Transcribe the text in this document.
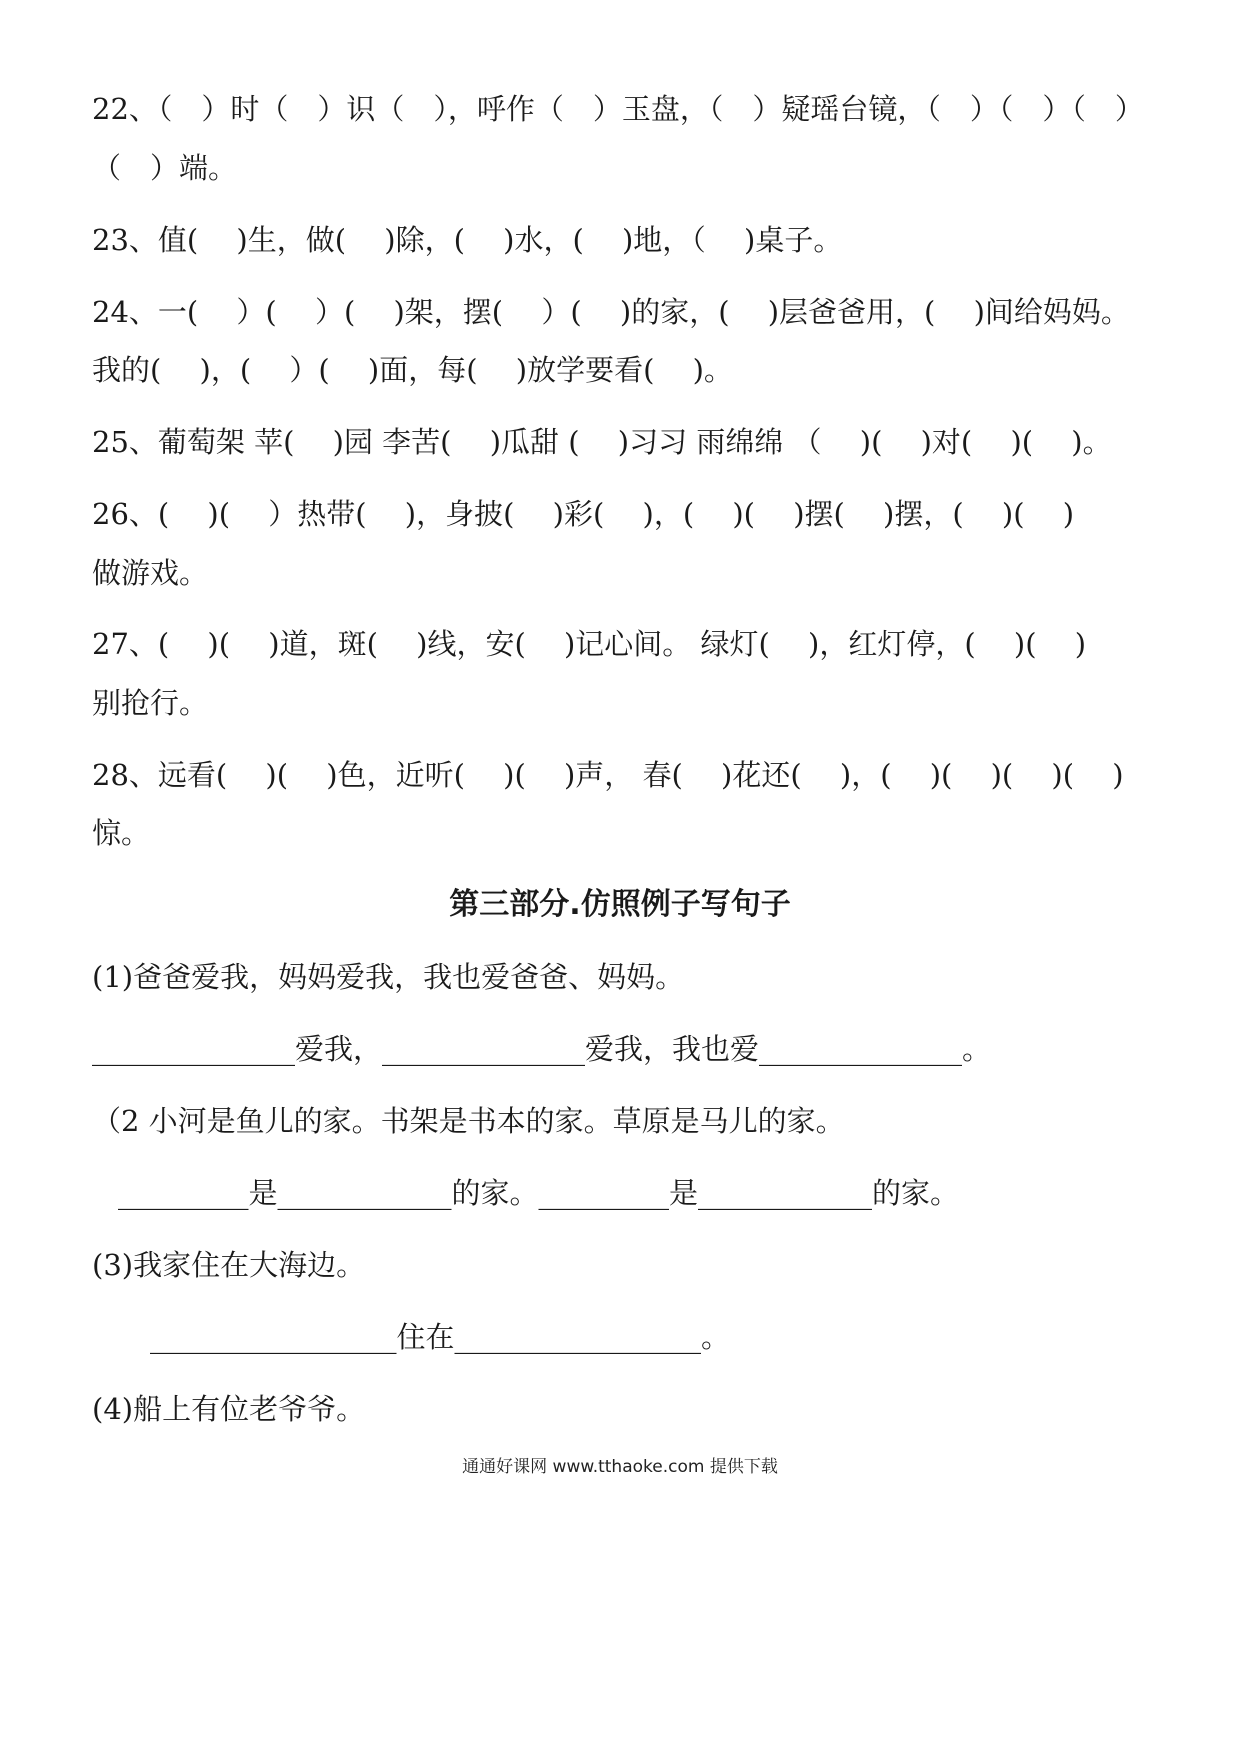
22、（　）时（　）识（　），呼作（　）玉盘，（　）疑瑶台镜，（　）（　）（　）
（　）端。
23、值(　 )生，做(　 )除，(　 )水，(　 )地，（　 )桌子。
24、一(　 ）(　 ）(　 )架，摆(　 ）(　 )的家，(　 )层爸爸用，(　 )间给妈妈。
我的(　 )，(　 ）(　 )面，每(　 )放学要看(　 )。
25、葡萄架 苹(　 )园 李苦(　 )瓜甜 (　 )习习 雨绵绵 （　 )(　 )对(　 )(　 )。
26、(　 )(　 ）热带(　 )，身披(　 )彩(　 )，(　 )(　 )摆(　 )摆，(　 )(　 )
做游戏。
27、(　 )(　 )道，斑(　 )线，安(　 )记心间。 绿灯(　 )，红灯停，(　 )(　 )
别抢行。
28、远看(　 )(　 )色，近听(　 )(　 )声， 春(　 )花还(　 )，(　 )(　 )(　 )(　 )
惊。
第三部分.仿照例子写句子
(1)爸爸爱我，妈妈爱我，我也爱爸爸、妈妈。
______________爱我，______________爱我，我也爱______________。
（2 小河是鱼儿的家。书架是书本的家。草原是马儿的家。
_________是____________的家。_________是____________的家。
(3)我家住在大海边。
_________________住在_________________。
(4)船上有位老爷爷。
通通好课网 www.tthaoke.com 提供下载
